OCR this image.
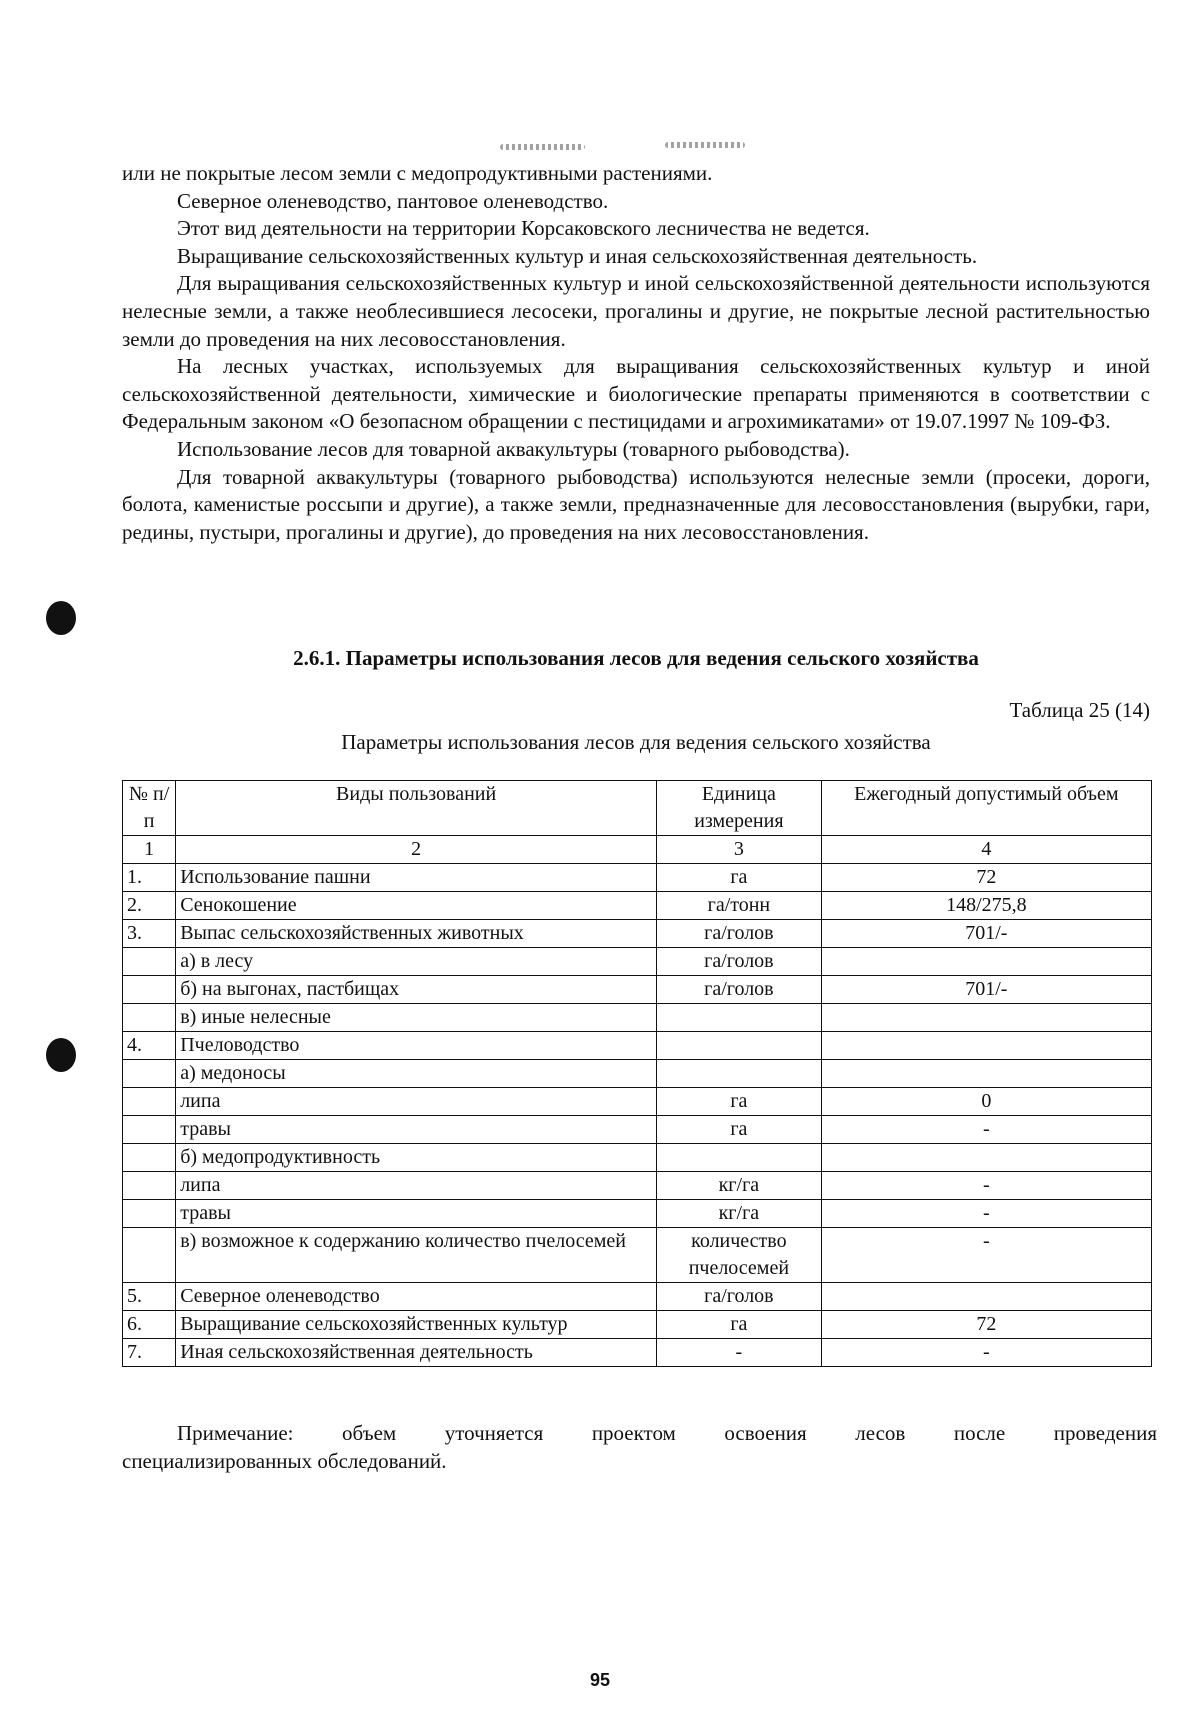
или не покрытые лесом земли с медопродуктивными растениями.

Северное оленеводство, пантовое оленеводство.

Этот вид деятельности на территории Корсаковского лесничества не ведется.

Выращивание сельскохозяйственных культур и иная сельскохозяйственная деятельность.

Для выращивания сельскохозяйственных культур и иной сельскохозяйственной деятельности используются нелесные земли, а также необлесившиеся лесосеки, прогалины и другие, не покрытые лесной растительностью земли до проведения на них лесовосстановления.

На лесных участках, используемых для выращивания сельскохозяйственных культур и иной сельскохозяйственной деятельности, химические и биологические препараты применяются в соответствии с Федеральным законом «О безопасном обращении с пестицидами и агрохимикатами» от 19.07.1997 № 109-ФЗ.

Использование лесов для товарной аквакультуры (товарного рыбоводства).

Для товарной аквакультуры (товарного рыбоводства) используются нелесные земли (просеки, дороги, болота, каменистые россыпи и другие), а также земли, предназначенные для лесовосстановления (вырубки, гари, редины, пустыри, прогалины и другие), до проведения на них лесовосстановления.

2.6.1. Параметры использования лесов для ведения сельского хозяйства
Таблица 25 (14)
Параметры использования лесов для ведения сельского хозяйства
№ п/п	Виды пользований	Единица измерения	Ежегодный допустимый объем
1	2	3	4
1.	Использование пашни	га	72
2.	Сенокошение	га/тонн	148/275,8
3.	Выпас сельскохозяйственных животных	га/голов	701/-
	а) в лесу	га/голов	
	б) на выгонах, пастбищах	га/голов	701/-
	в) иные нелесные		
4.	Пчеловодство		
	а) медоносы		
	липа	га	0
	травы	га	-
	б) медопродуктивность		
	липа	кг/га	-
	травы	кг/га	-
	в) возможное к содержанию количество пчелосемей	количество пчелосемей	-
5.	Северное оленеводство	га/голов	
6.	Выращивание сельскохозяйственных культур	га	72
7.	Иная сельскохозяйственная деятельность	-	-
Примечание: объем уточняется проектом освоения лесов после проведения
специализированных обследований.
95
